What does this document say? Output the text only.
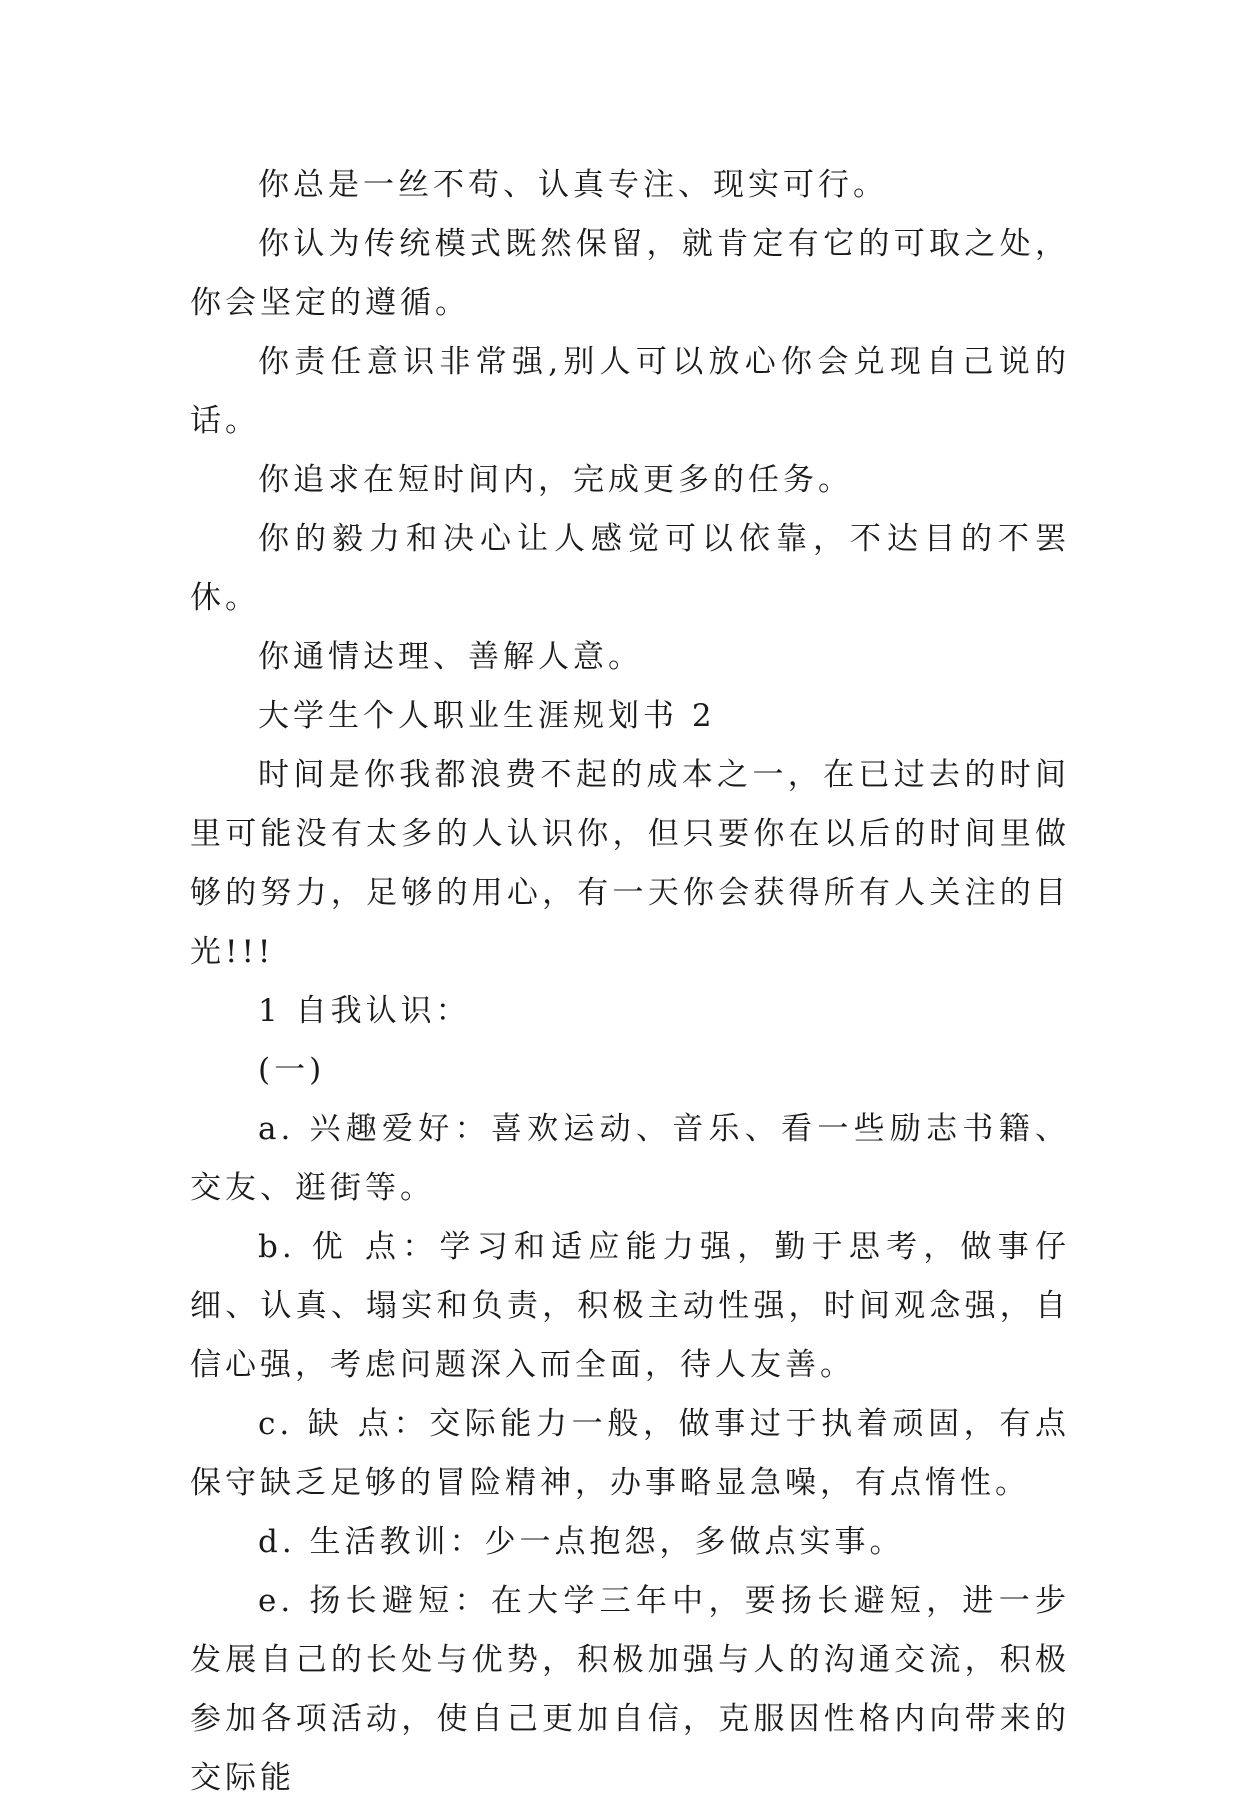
你总是一丝不苟、认真专注、现实可行。

你认为传统模式既然保留，就肯定有它的可取之处，你会坚定的遵循。

你责任意识非常强,别人可以放心你会兑现自己说的话。

你追求在短时间内，完成更多的任务。

你的毅力和决心让人感觉可以依靠，不达目的不罢休。

你通情达理、善解人意。

大学生个人职业生涯规划书 2

时间是你我都浪费不起的成本之一，在已过去的时间里可能没有太多的人认识你，但只要你在以后的时间里做够的努力，足够的用心，有一天你会获得所有人关注的目光!!!

1 自我认识：

(一)

a. 兴趣爱好：喜欢运动、音乐、看一些励志书籍、交友、逛街等。

b. 优 点：学习和适应能力强，勤于思考，做事仔细、认真、塌实和负责，积极主动性强，时间观念强，自信心强，考虑问题深入而全面，待人友善。

c. 缺 点：交际能力一般，做事过于执着顽固，有点保守缺乏足够的冒险精神，办事略显急噪，有点惰性。

d. 生活教训：少一点抱怨，多做点实事。

e. 扬长避短：在大学三年中，要扬长避短，进一步发展自己的长处与优势，积极加强与人的沟通交流，积极参加各项活动，使自己更加自信，克服因性格内向带来的交际能
